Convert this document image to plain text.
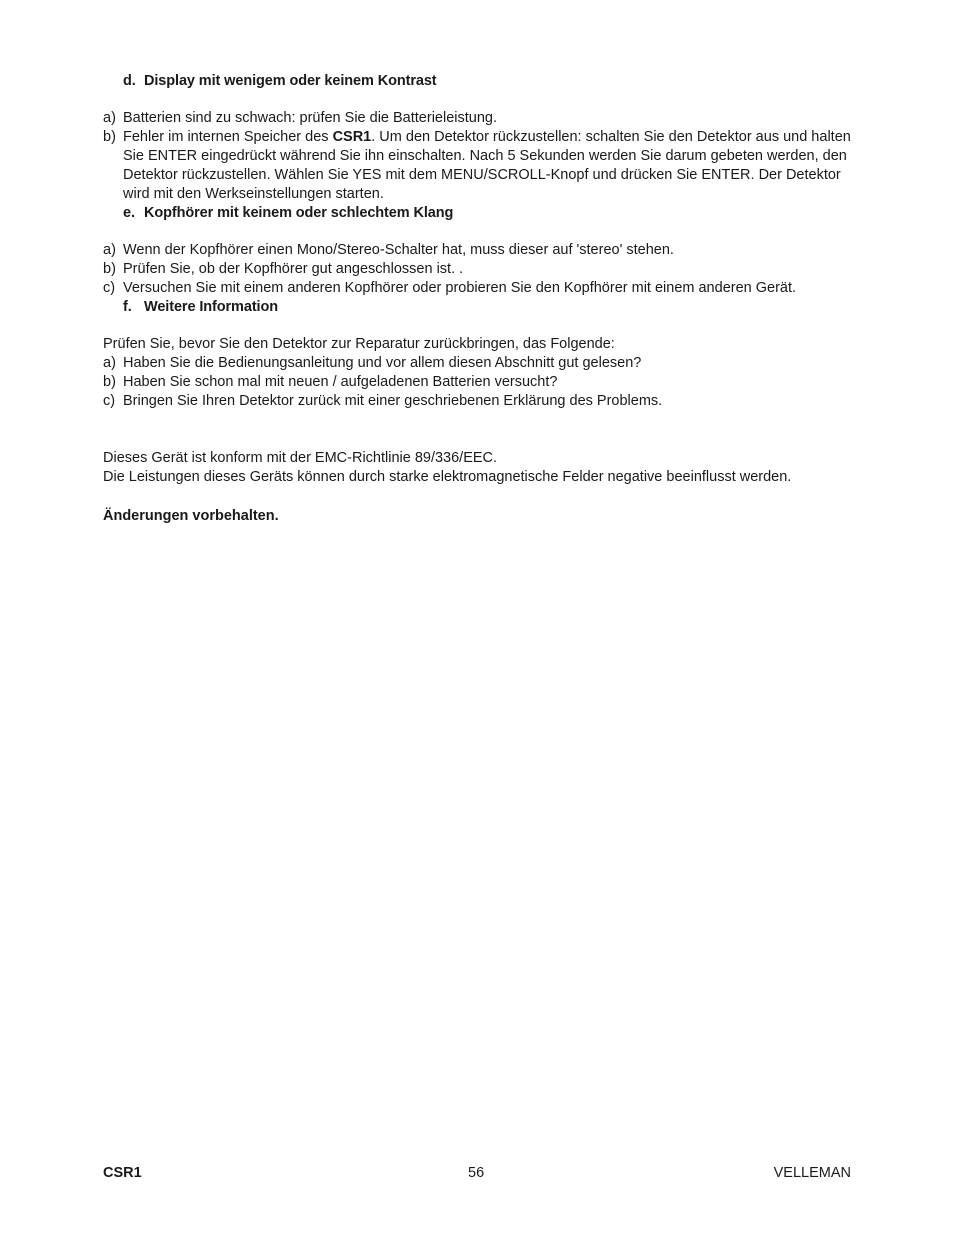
d. Display mit wenigem oder keinem Kontrast
a) Batterien sind zu schwach: prüfen Sie die Batterieleistung.
b) Fehler im internen Speicher des CSR1. Um den Detektor rückzustellen: schalten Sie den Detektor aus und halten Sie ENTER eingedrückt während Sie ihn einschalten. Nach 5 Sekunden werden Sie darum gebeten werden, den Detektor rückzustellen. Wählen Sie YES mit dem MENU/SCROLL-Knopf und drücken Sie ENTER. Der Detektor wird mit den Werkseinstellungen starten.
e. Kopfhörer mit keinem oder schlechtem Klang
a) Wenn der Kopfhörer einen Mono/Stereo-Schalter hat, muss dieser auf 'stereo' stehen.
b) Prüfen Sie, ob der Kopfhörer gut angeschlossen ist. .
c) Versuchen Sie mit einem anderen Kopfhörer oder probieren Sie den Kopfhörer mit einem anderen Gerät.
f. Weitere Information

Prüfen Sie, bevor Sie den Detektor zur Reparatur zurückbringen, das Folgende:

a) Haben Sie die Bedienungsanleitung und vor allem diesen Abschnitt gut gelesen?
b) Haben Sie schon mal mit neuen / aufgeladenen Batterien versucht?
c) Bringen Sie Ihren Detektor zurück mit einer geschriebenen Erklärung des Problems.

Dieses Gerät ist konform mit der EMC-Richtlinie 89/336/EEC.

Die Leistungen dieses Geräts können durch starke elektromagnetische Felder negative beeinflusst werden.

Änderungen vorbehalten.

CSR1	56	VELLEMAN
